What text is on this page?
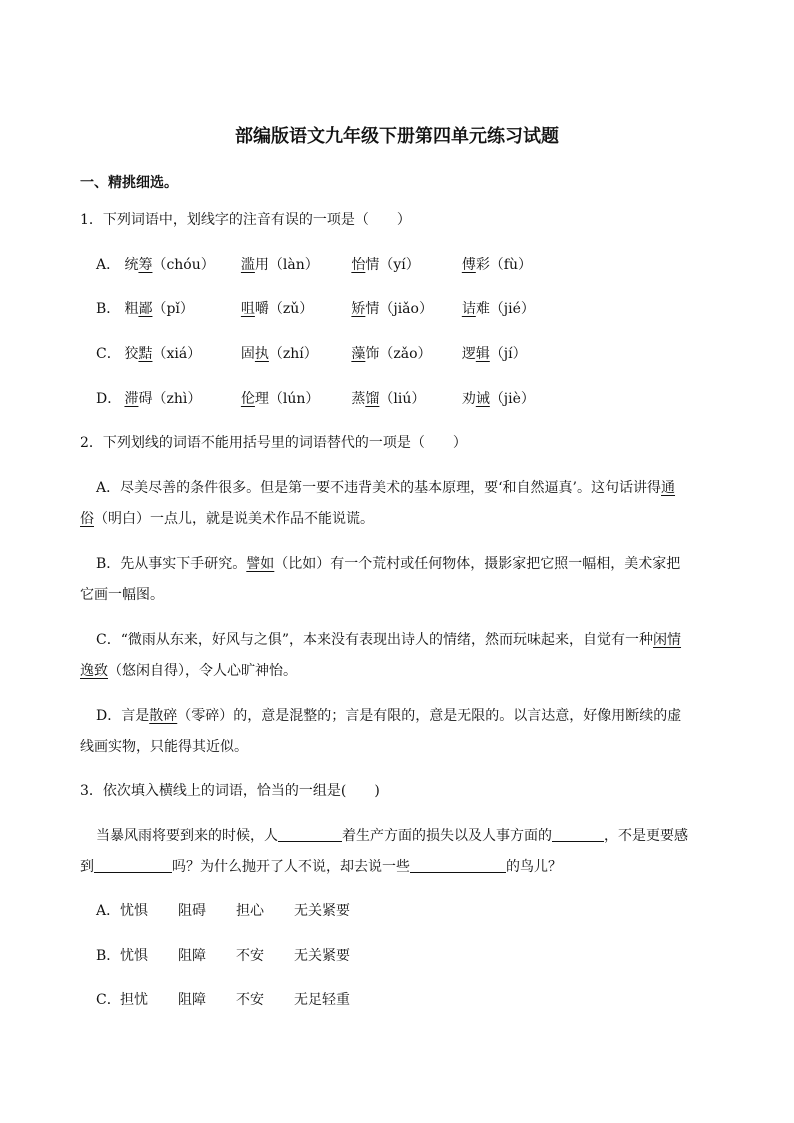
部编版语文九年级下册第四单元练习试题
一、精挑细选。
1．下列词语中，划线字的注音有误的一项是（　　）
A． 统筹（chóu） 滥用（làn） 怡情（yí）	傅彩（fù）
B． 粗鄙（pǐ）	咀嚼（zǔ）	矫情（jiǎo） 诘难（jié）
C． 狡黠（xiá）	固执（zhí） 藻饰（zǎo） 逻辑（jí）
D． 滞碍（zhì）	伦理（lún） 蒸馏（liú）	劝诫（jiè）
2．下列划线的词语不能用括号里的词语替代的一项是（　　）
A．尽美尽善的条件很多。但是第一要不违背美术的基本原理，要‘和自然逼真’。这句话讲得通
俗（明白）一点儿，就是说美术作品不能说谎。
B．先从事实下手研究。譬如（比如）有一个荒村或任何物体，摄影家把它照一幅相，美术家把
它画一幅图。
C．“微雨从东来，好风与之俱”，本来没有表现出诗人的情绪，然而玩味起来，自觉有一种闲情
逸致（悠闲自得），令人心旷神怡。
D．言是散碎（零碎）的，意是混整的；言是有限的，意是无限的。以言达意，好像用断续的虚
线画实物，只能得其近似。
3．依次填入横线上的词语，恰当的一组是(　　)
当暴风雨将要到来的时候，人	着生产方面的损失以及人事方面的	，不是更要感
到	吗？为什么抛开了人不说，却去说一些	的鸟儿？
A．忧惧 阻碍 担心 无关紧要
B．忧惧 阻障 不安 无关紧要
C．担忧 阻障 不安 无足轻重
